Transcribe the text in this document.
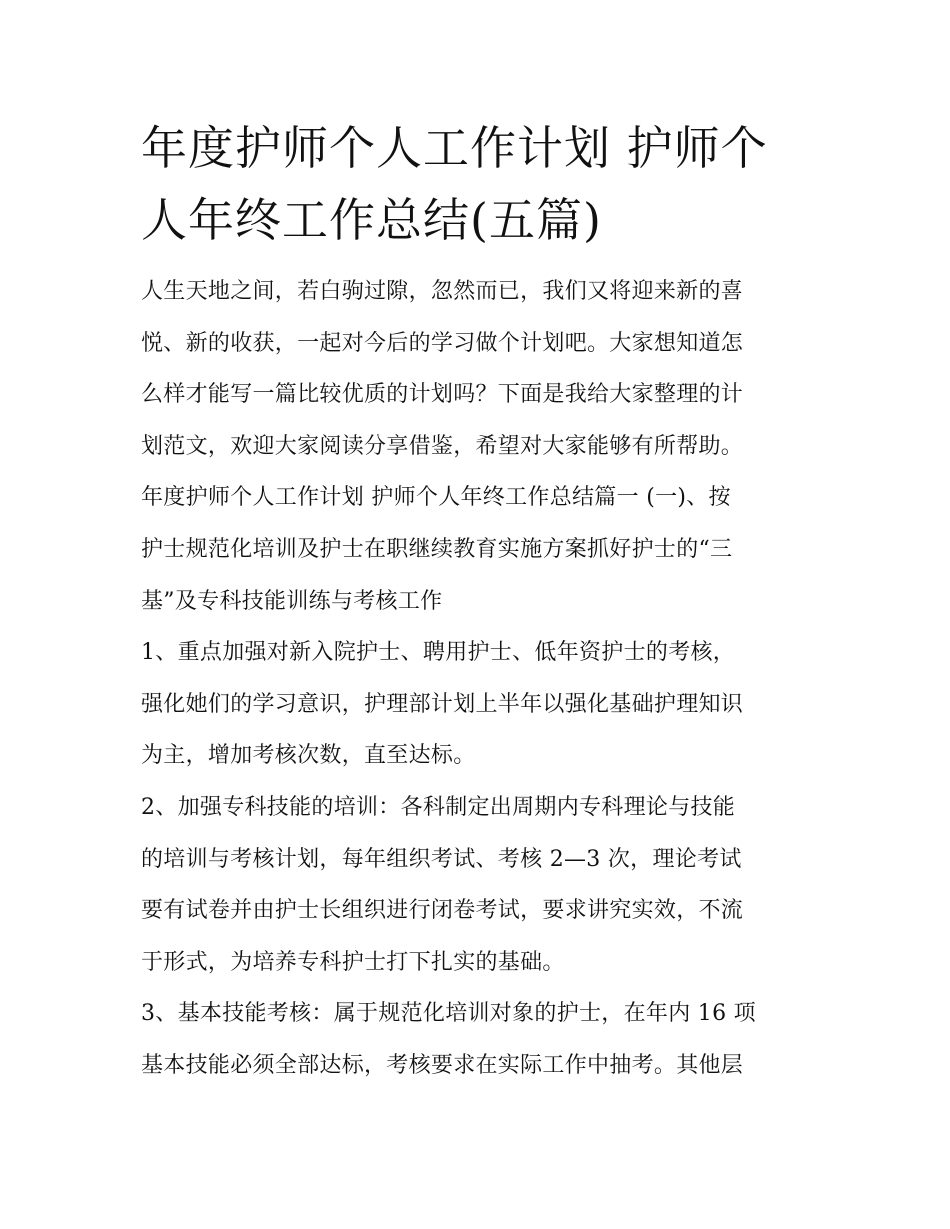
年度护师个人工作计划 护师个
人年终工作总结(五篇)

人生天地之间，若白驹过隙，忽然而已，我们又将迎来新的喜
悦、新的收获，一起对今后的学习做个计划吧。大家想知道怎
么样才能写一篇比较优质的计划吗？下面是我给大家整理的计
划范文，欢迎大家阅读分享借鉴，希望对大家能够有所帮助。

年度护师个人工作计划 护师个人年终工作总结篇一 (一)、按
护士规范化培训及护士在职继续教育实施方案抓好护士的“三
基”及专科技能训练与考核工作

1、重点加强对新入院护士、聘用护士、低年资护士的考核，
强化她们的学习意识，护理部计划上半年以强化基础护理知识
为主，增加考核次数，直至达标。

2、加强专科技能的培训：各科制定出周期内专科理论与技能
的培训与考核计划，每年组织考试、考核 2—3 次，理论考试
要有试卷并由护士长组织进行闭卷考试，要求讲究实效，不流
于形式，为培养专科护士打下扎实的基础。

3、基本技能考核：属于规范化培训对象的护士，在年内 16 项
基本技能必须全部达标，考核要求在实际工作中抽考。其他层
